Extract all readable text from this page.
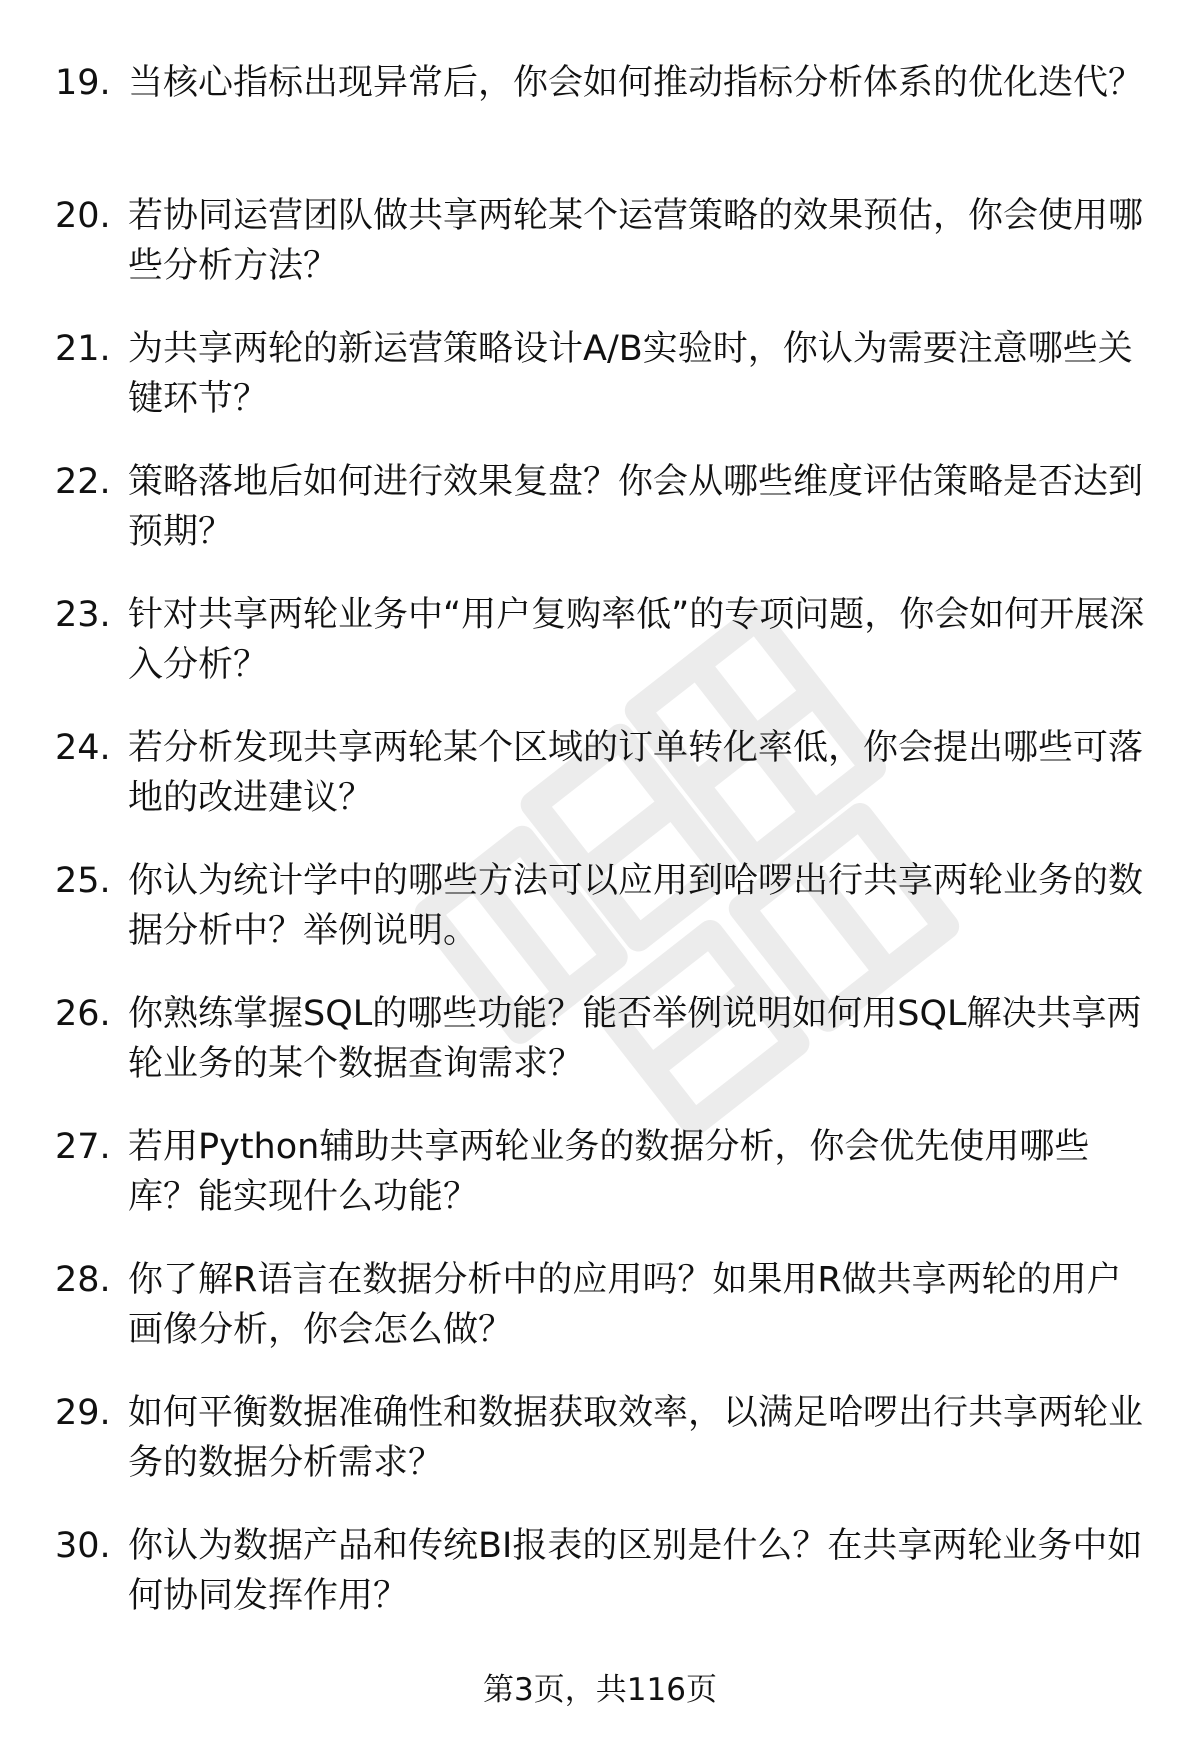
19. 当核心指标出现异常后，你会如何推动指标分析体系的优化迭代？
20. 若协同运营团队做共享两轮某个运营策略的效果预估，你会使用哪些分析方法？
21. 为共享两轮的新运营策略设计A/B实验时，你认为需要注意哪些关键环节？
22. 策略落地后如何进行效果复盘？你会从哪些维度评估策略是否达到预期？
23. 针对共享两轮业务中“用户复购率低”的专项问题，你会如何开展深入分析？
24. 若分析发现共享两轮某个区域的订单转化率低，你会提出哪些可落地的改进建议？
25. 你认为统计学中的哪些方法可以应用到哈啰出行共享两轮业务的数据分析中？举例说明。
26. 你熟练掌握SQL的哪些功能？能否举例说明如何用SQL解决共享两轮业务的某个数据查询需求？
27. 若用Python辅助共享两轮业务的数据分析，你会优先使用哪些库？能实现什么功能？
28. 你了解R语言在数据分析中的应用吗？如果用R做共享两轮的用户画像分析，你会怎么做？
29. 如何平衡数据准确性和数据获取效率，以满足哈啰出行共享两轮业务的数据分析需求？
30. 你认为数据产品和传统BI报表的区别是什么？在共享两轮业务中如何协同发挥作用？
第3页，共116页
